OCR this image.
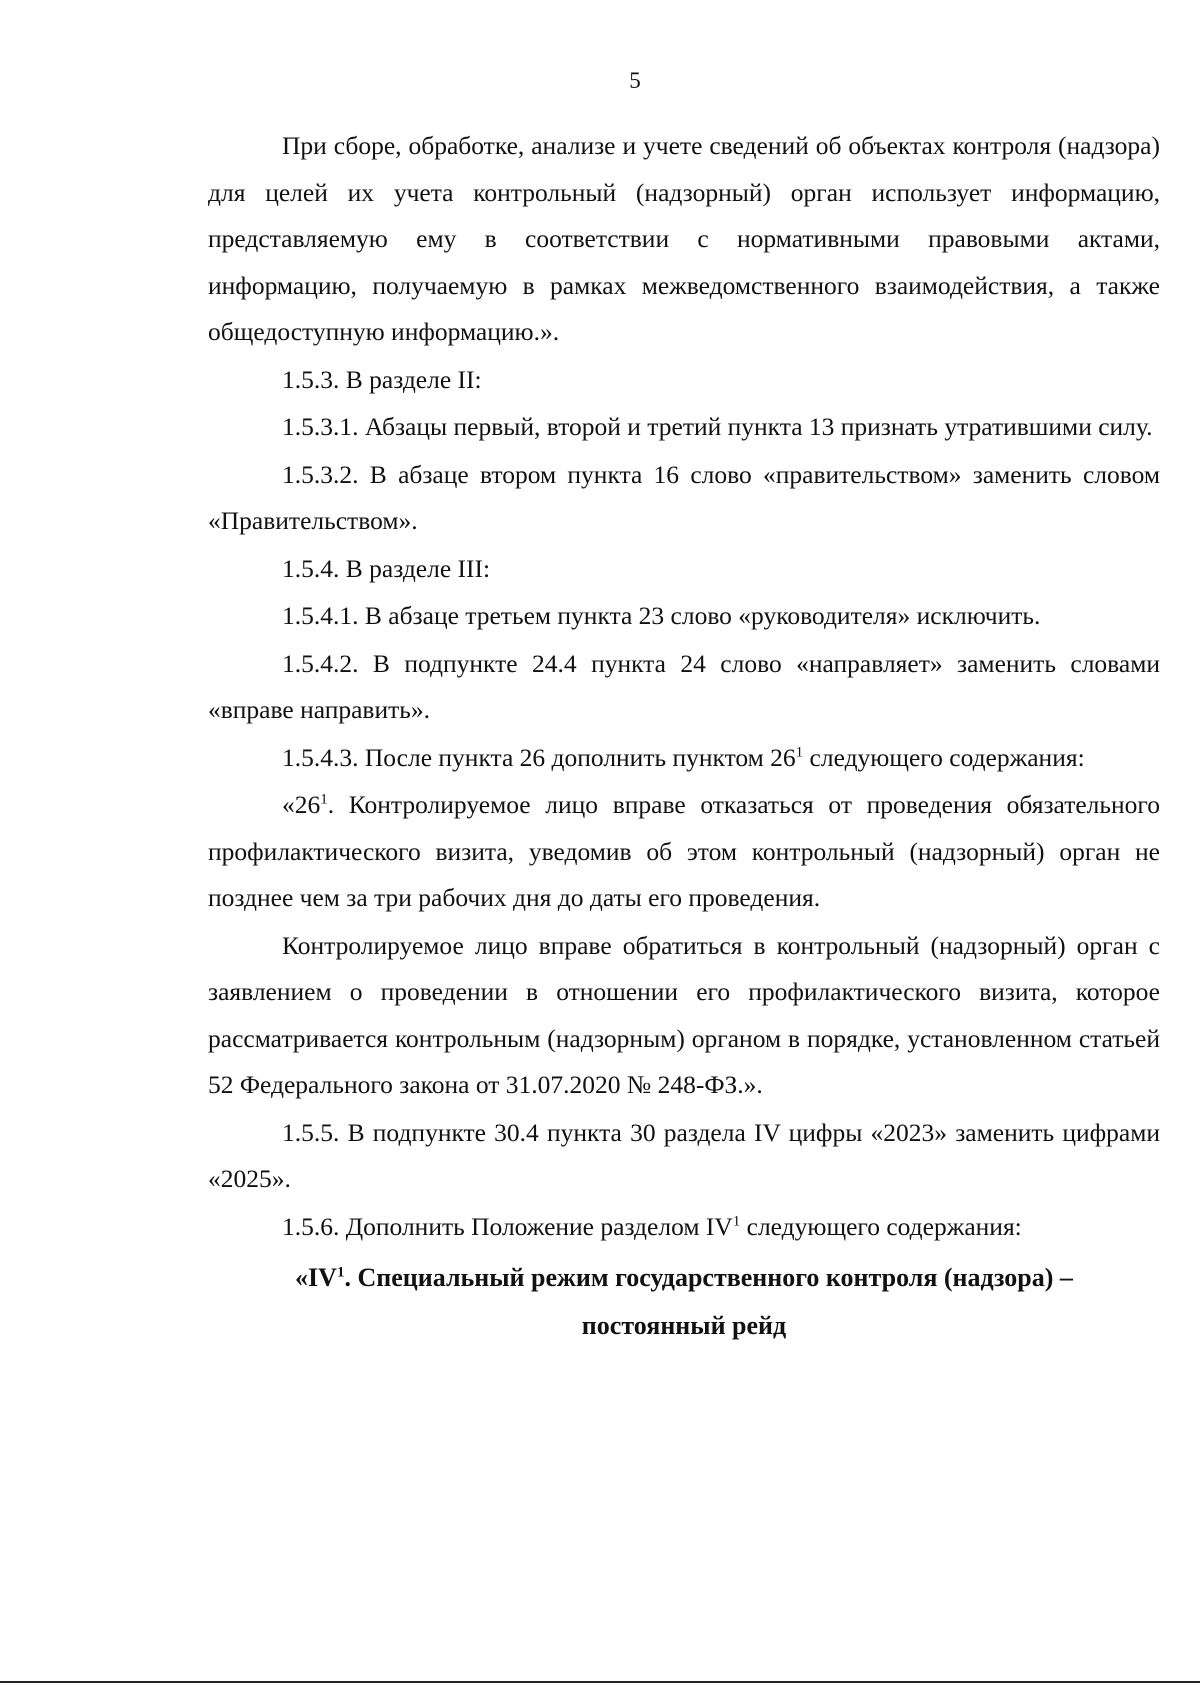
5

При сборе, обработке, анализе и учете сведений об объектах контроля (надзора) для целей их учета контрольный (надзорный) орган использует информацию, представляемую ему в соответствии с нормативными правовыми актами, информацию, получаемую в рамках межведомственного взаимодействия, а также общедоступную информацию.».

1.5.3. В разделе II:

1.5.3.1. Абзацы первый, второй и третий пункта 13 признать утратившими силу.

1.5.3.2. В абзаце втором пункта 16 слово «правительством» заменить словом «Правительством».

1.5.4. В разделе III:

1.5.4.1. В абзаце третьем пункта 23 слово «руководителя» исключить.

1.5.4.2. В подпункте 24.4 пункта 24 слово «направляет» заменить словами «вправе направить».

1.5.4.3. После пункта 26 дополнить пунктом $26^1$ следующего содержания:

«$26^1$. Контролируемое лицо вправе отказаться от проведения обязательного профилактического визита, уведомив об этом контрольный (надзорный) орган не позднее чем за три рабочих дня до даты его проведения.

Контролируемое лицо вправе обратиться в контрольный (надзорный) орган с заявлением о проведении в отношении его профилактического визита, которое рассматривается контрольным (надзорным) органом в порядке, установленном статьей 52 Федерального закона от 31.07.2020 № 248-ФЗ.».

1.5.5. В подпункте 30.4 пункта 30 раздела IV цифры «2023» заменить цифрами «2025».

1.5.6. Дополнить Положение разделом $IV^1$ следующего содержания:

«$IV^1$. Специальный режим государственного контроля (надзора) –
постоянный рейд
